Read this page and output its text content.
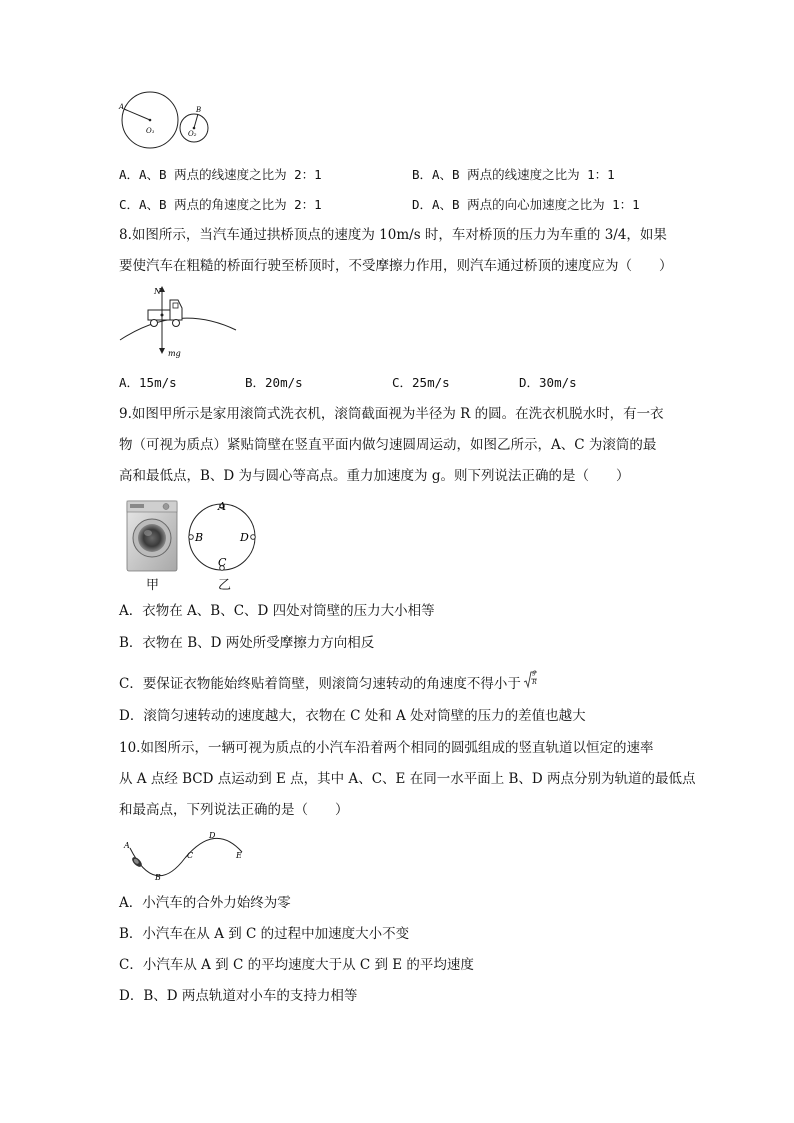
A	B
O₁	O₂
A．A、B 两点的线速度之比为 2：1	B．A、B 两点的线速度之比为 1：1
C．A、B 两点的角速度之比为 2：1	D．A、B 两点的向心加速度之比为 1：1
8.如图所示，当汽车通过拱桥顶点的速度为 10m/s 时，车对桥顶的压力为车重的 3/4，如果
要使汽车在粗糙的桥面行驶至桥顶时，不受摩擦力作用，则汽车通过桥顶的速度应为（　　）
N
mg
A．15m/s	B．20m/s	C．25m/s	D．30m/s
9.如图甲所示是家用滚筒式洗衣机，滚筒截面视为半径为 R 的圆。在洗衣机脱水时，有一衣
物（可视为质点）紧贴筒壁在竖直平面内做匀速圆周运动，如图乙所示，A、C 为滚筒的最
高和最低点，B、D 为与圆心等高点。重力加速度为 g。则下列说法正确的是（　　）
甲
A
B
C
D
乙
A．衣物在 A、B、C、D 四处对筒壁的压力大小相等
B．衣物在 B、D 两处所受摩擦力方向相反
C．要保证衣物能始终贴着筒壁，则滚筒匀速转动的角速度不得小于
g
R
D．滚筒匀速转动的速度越大，衣物在 C 处和 A 处对筒壁的压力的差值也越大
10.如图所示，一辆可视为质点的小汽车沿着两个相同的圆弧组成的竖直轨道以恒定的速率
从 A 点经 BCD 点运动到 E 点，其中 A、C、E 在同一水平面上 B、D 两点分别为轨道的最低点
和最高点，下列说法正确的是（　　）
A
B
C
D
E
A．小汽车的合外力始终为零
B．小汽车在从 A 到 C 的过程中加速度大小不变
C．小汽车从 A 到 C 的平均速度大于从 C 到 E 的平均速度
D．B、D 两点轨道对小车的支持力相等
